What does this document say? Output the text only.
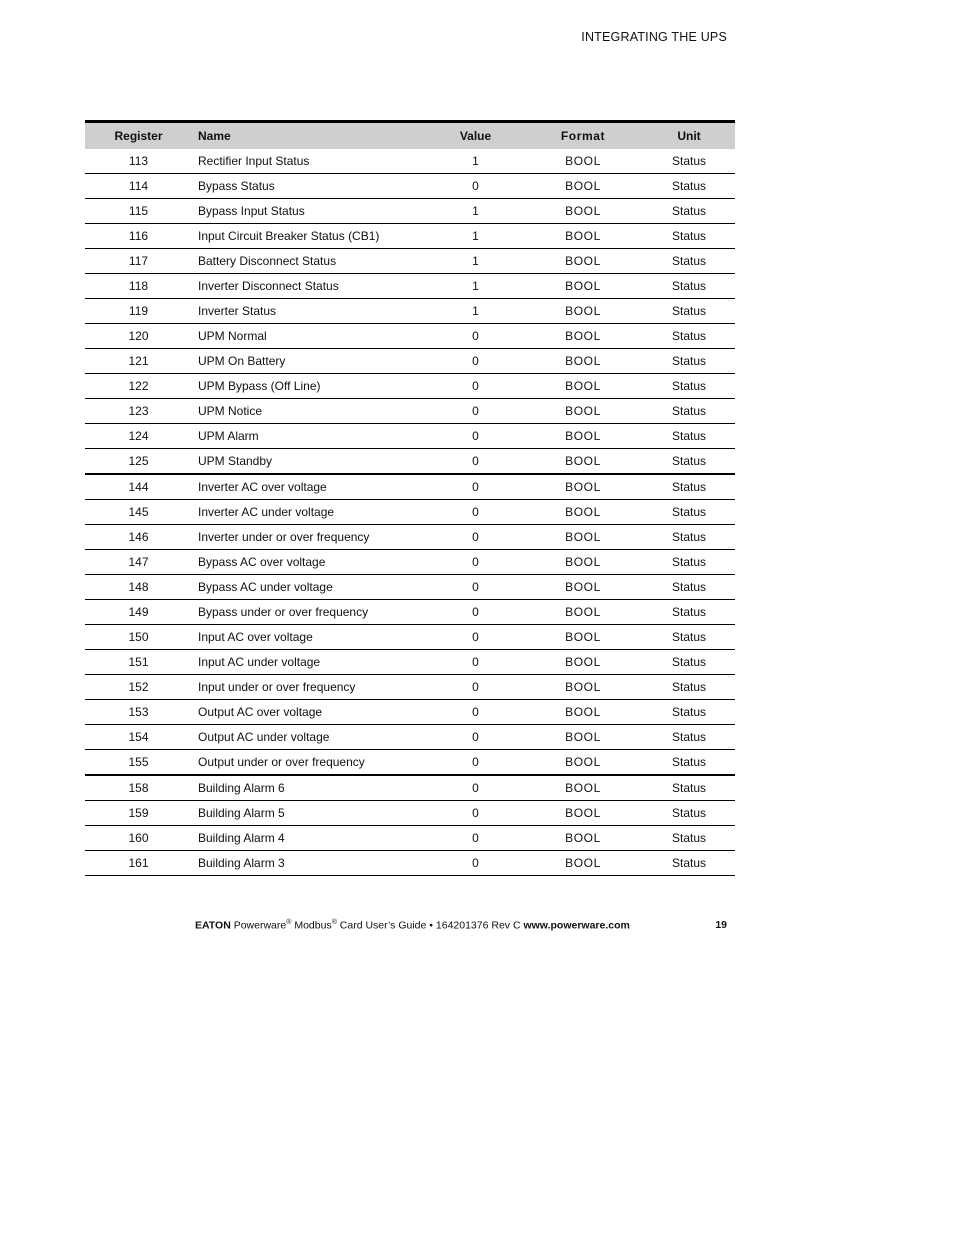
INTEGRATING THE UPS
Register	Name	Value	Format	Unit
113	Rectifier Input Status	1	BOOL	Status
114	Bypass Status	0	BOOL	Status
115	Bypass Input Status	1	BOOL	Status
116	Input Circuit Breaker Status (CB1)	1	BOOL	Status
117	Battery Disconnect Status	1	BOOL	Status
118	Inverter Disconnect Status	1	BOOL	Status
119	Inverter Status	1	BOOL	Status
120	UPM Normal	0	BOOL	Status
121	UPM On Battery	0	BOOL	Status
122	UPM Bypass (Off Line)	0	BOOL	Status
123	UPM Notice	0	BOOL	Status
124	UPM Alarm	0	BOOL	Status
125	UPM Standby	0	BOOL	Status
144	Inverter AC over voltage	0	BOOL	Status
145	Inverter AC under voltage	0	BOOL	Status
146	Inverter under or over frequency	0	BOOL	Status
147	Bypass AC over voltage	0	BOOL	Status
148	Bypass AC under voltage	0	BOOL	Status
149	Bypass under or over frequency	0	BOOL	Status
150	Input AC over voltage	0	BOOL	Status
151	Input AC under voltage	0	BOOL	Status
152	Input under or over frequency	0	BOOL	Status
153	Output AC over voltage	0	BOOL	Status
154	Output AC under voltage	0	BOOL	Status
155	Output under or over frequency	0	BOOL	Status
158	Building Alarm 6	0	BOOL	Status
159	Building Alarm 5	0	BOOL	Status
160	Building Alarm 4	0	BOOL	Status
161	Building Alarm 3	0	BOOL	Status
EATON Powerware® Modbus® Card User’s Guide • 164201376 Rev C www.powerware.com	19
